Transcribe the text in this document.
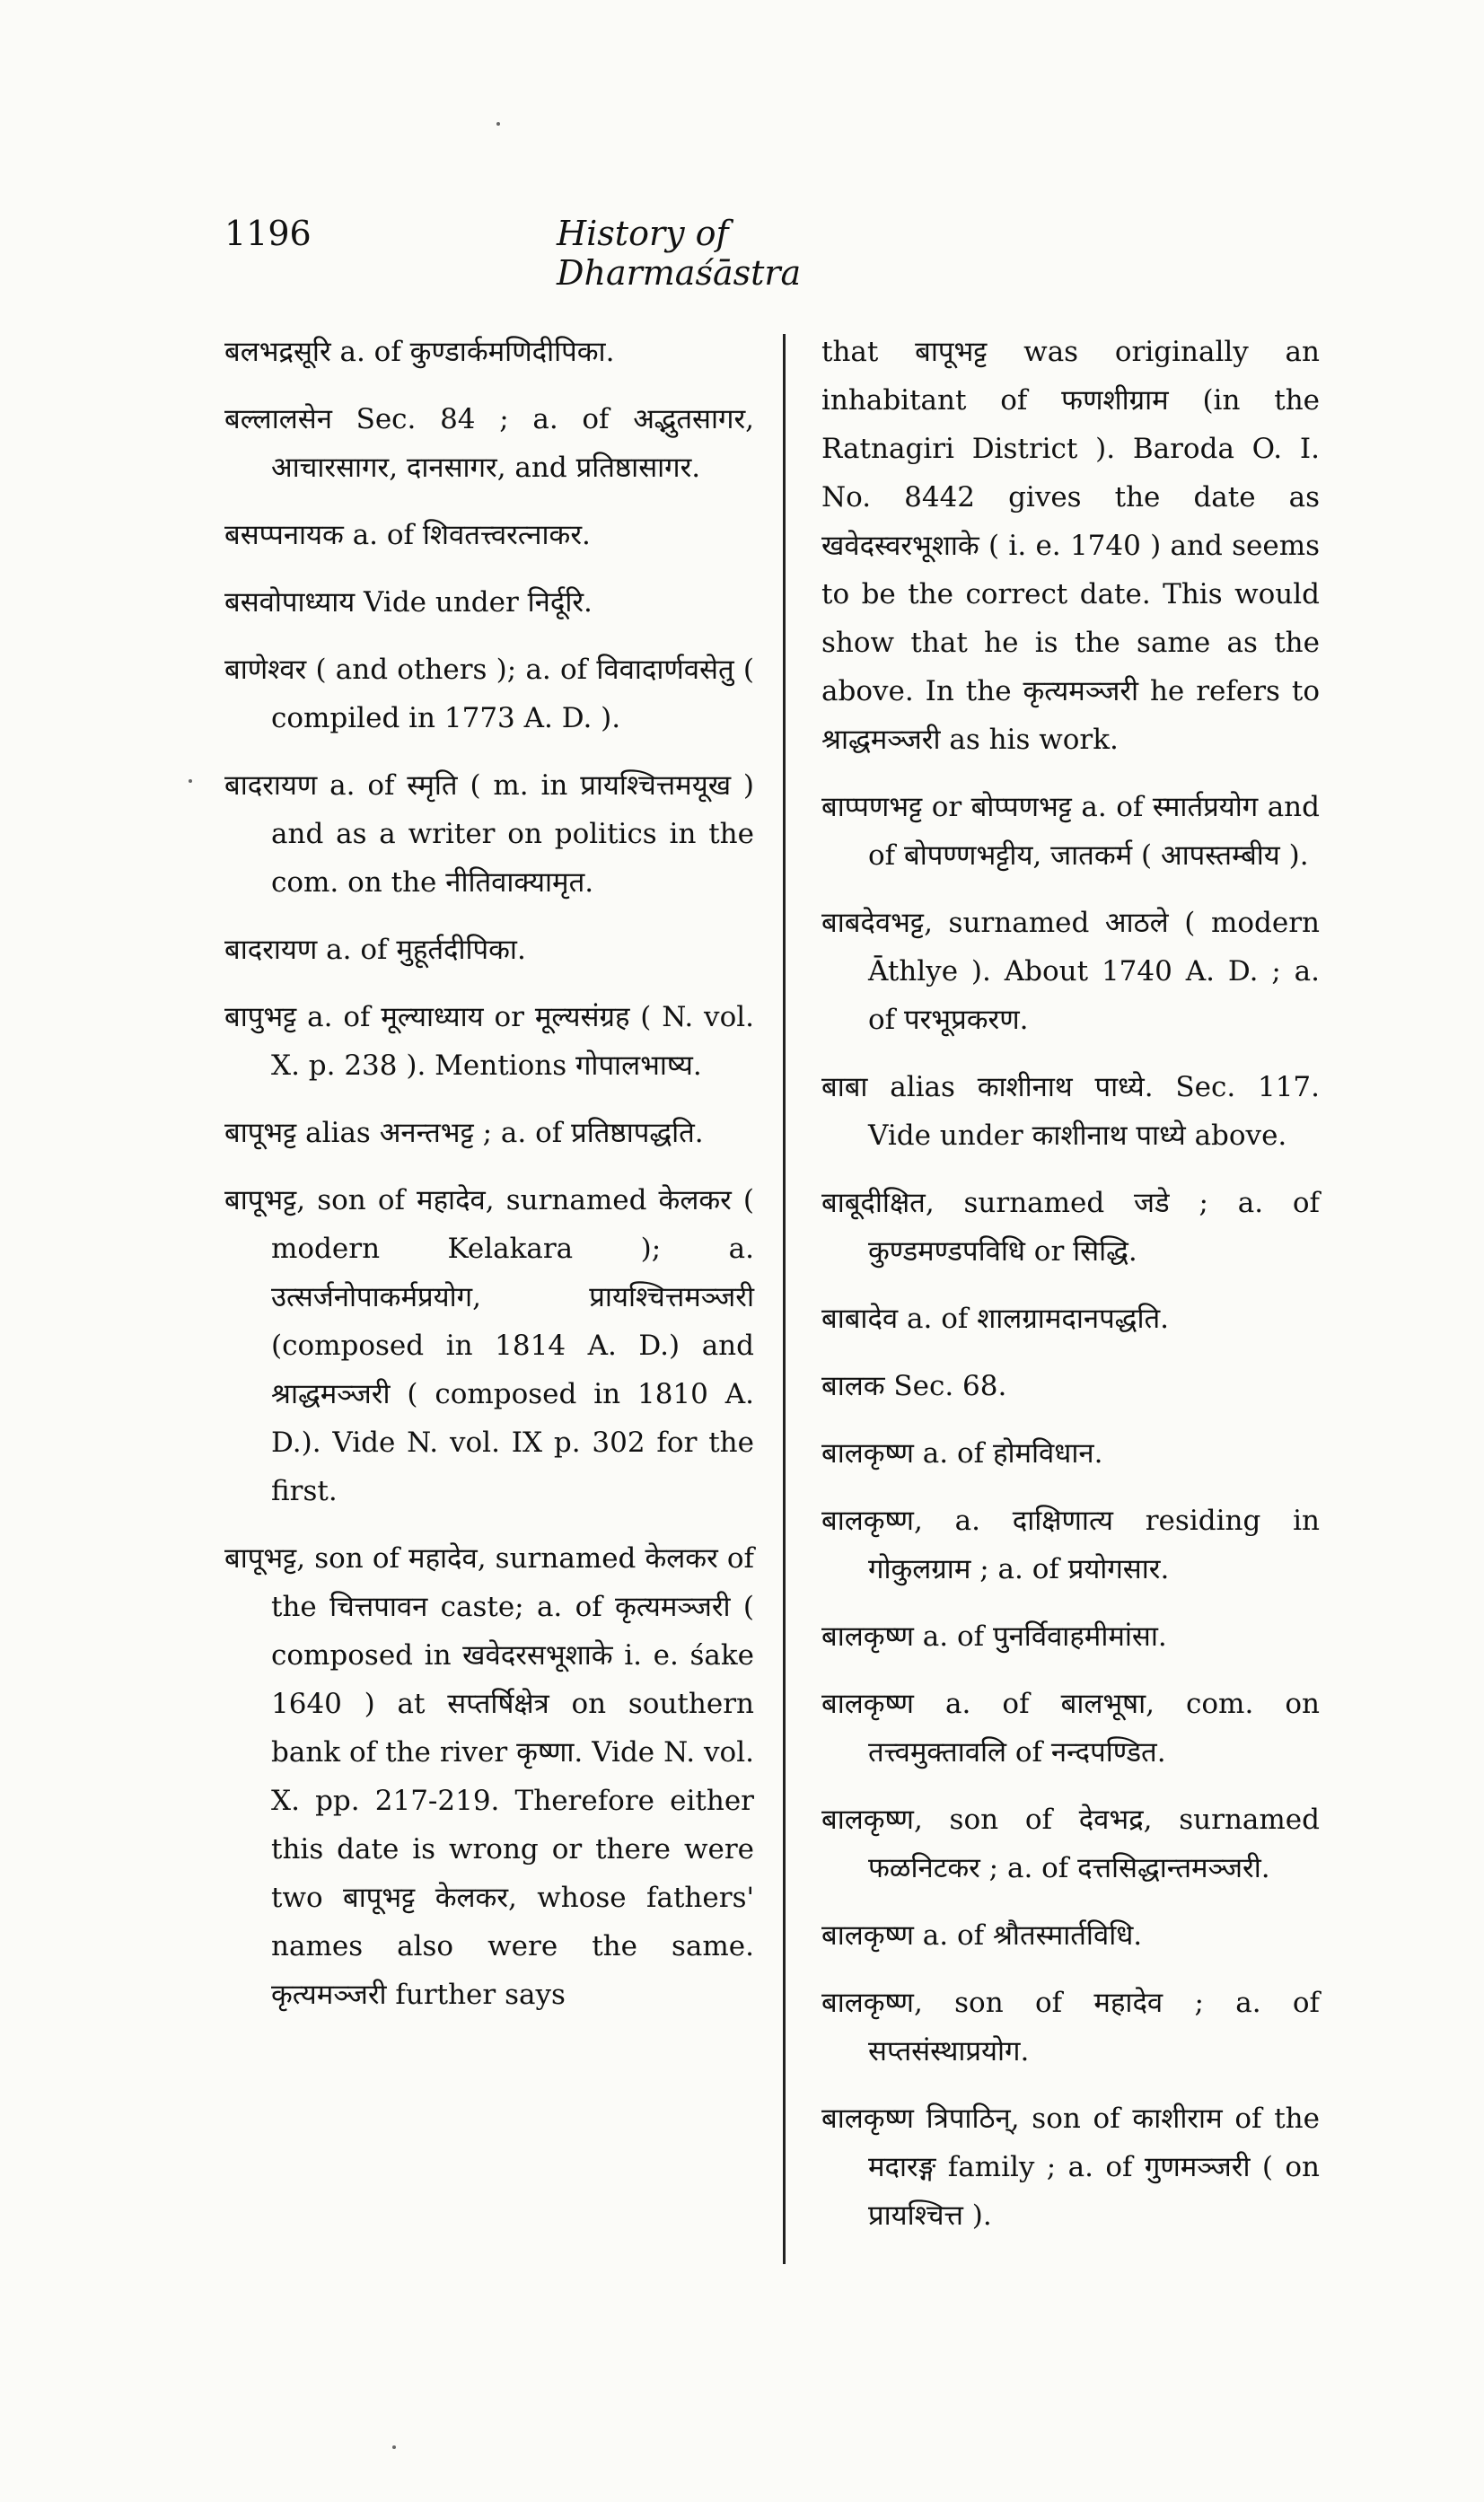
1196	History of Dharmaśāstra

बलभद्रसूरि a. of कुण्डार्कमणिदीपिका.

बल्लालसेन Sec. 84 ; a. of अद्भुतसागर, आचारसागर, दानसागर, and प्रतिष्ठासागर.

बसप्पनायक a. of शिवतत्त्वरत्नाकर.

बसवोपाध्याय Vide under निर्दूरि.

बाणेश्वर ( and others ); a. of विवादार्णवसेतु ( compiled in 1773 A. D. ).

बादरायण a. of स्मृति ( m. in प्रायश्चित्तमयूख ) and as a writer on politics in the com. on the नीतिवाक्यामृत.

बादरायण a. of मुहूर्तदीपिका.

बापुभट्ट a. of मूल्याध्याय or मूल्यसंग्रह ( N. vol. X. p. 238 ). Mentions गोपालभाष्य.

बापूभट्ट alias अनन्तभट्ट ; a. of प्रतिष्ठापद्धति.

बापूभट्ट, son of महादेव, surnamed केलकर ( modern Kelakara ); a. उत्सर्जनोपाकर्मप्रयोग, प्रायश्चित्तमञ्जरी (composed in 1814 A. D.) and श्राद्धमञ्जरी ( composed in 1810 A. D.). Vide N. vol. IX p. 302 for the first.

बापूभट्ट, son of महादेव, surnamed केलकर of the चित्तपावन caste; a. of कृत्यमञ्जरी ( composed in खवेदरसभूशाके i. e. śake 1640 ) at सप्तर्षिक्षेत्र on southern bank of the river कृष्णा. Vide N. vol. X. pp. 217-219. Therefore either this date is wrong or there were two बापूभट्ट केलकर, whose fathers' names also were the same. कृत्यमञ्जरी further says

that बापूभट्ट was originally an inhabitant of फणशीग्राम (in the Ratnagiri District ). Baroda O. I. No. 8442 gives the date as खवेदस्वरभूशाके ( i. e. 1740 ) and seems to be the correct date. This would show that he is the same as the above. In the कृत्यमञ्जरी he refers to श्राद्धमञ्जरी as his work.

बाप्पणभट्ट or बोप्पणभट्ट a. of स्मार्तप्रयोग and of बोपण्णभट्टीय, जातकर्म ( आपस्तम्बीय ).

बाबदेवभट्ट, surnamed आठले ( modern Āthlye ). About 1740 A. D. ; a. of परभूप्रकरण.

बाबा alias काशीनाथ पाध्ये. Sec. 117. Vide under काशीनाथ पाध्ये above.

बाबूदीक्षित, surnamed जडे ; a. of कुण्डमण्डपविधि or सिद्धि.

बाबादेव a. of शालग्रामदानपद्धति.

बालक Sec. 68.

बालकृष्ण a. of होमविधान.

बालकृष्ण, a. दाक्षिणात्य residing in गोकुलग्राम ; a. of प्रयोगसार.

बालकृष्ण a. of पुनर्विवाहमीमांसा.

बालकृष्ण a. of बालभूषा, com. on तत्त्वमुक्तावलि of नन्दपण्डित.

बालकृष्ण, son of देवभद्र, surnamed फळनिटकर ; a. of दत्तसिद्धान्तमञ्जरी.

बालकृष्ण a. of श्रौतस्मार्तविधि.

बालकृष्ण, son of महादेव ; a. of सप्तसंस्थाप्रयोग.

बालकृष्ण त्रिपाठिन्, son of काशीराम of the मदारङ्ग family ; a. of गुणमञ्जरी ( on प्रायश्चित्त ).
